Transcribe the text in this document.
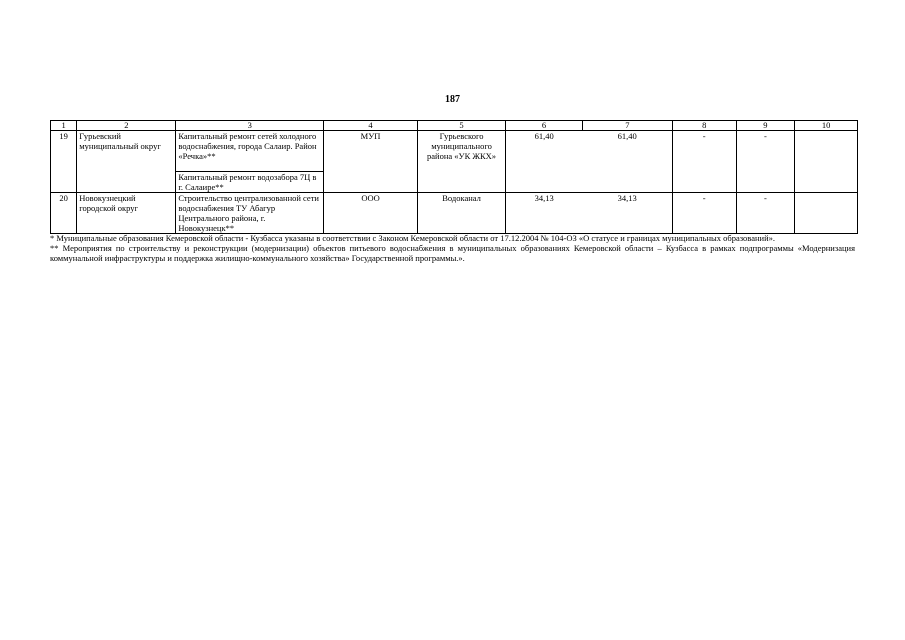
187
1	2	3	4	5	6	7	8	9	10
19	Гурьевский муниципальный округ	Капитальный ремонт сетей холодного водоснабжения, города Салаир. Район «Речка»**	МУП	Гурьевского муниципального района «УК ЖКХ»	61,40	61,40	-	-	
		Капитальный ремонт водозабора 7Ц в г. Салаире**							
20	Новокузнецкий городской округ	Строительство централизованной сети водоснабжения ТУ Абагур Центрального района, г. Новокузнецк**	ООО	Водоканал	34,13	34,13	-	-	

* Муниципальные образования Кемеровской области - Кузбасса указаны в соответствии с Законом Кемеровской области от 17.12.2004 № 104-ОЗ «О статусе и границах муниципальных образований».

** Мероприятия по строительству и реконструкции (модернизации) объектов питьевого водоснабжения в муниципальных образованиях Кемеровской области – Кузбасса в рамках подпрограммы «Модернизация коммунальной инфраструктуры и поддержка жилищно-коммунального хозяйства» Государственной программы.».
